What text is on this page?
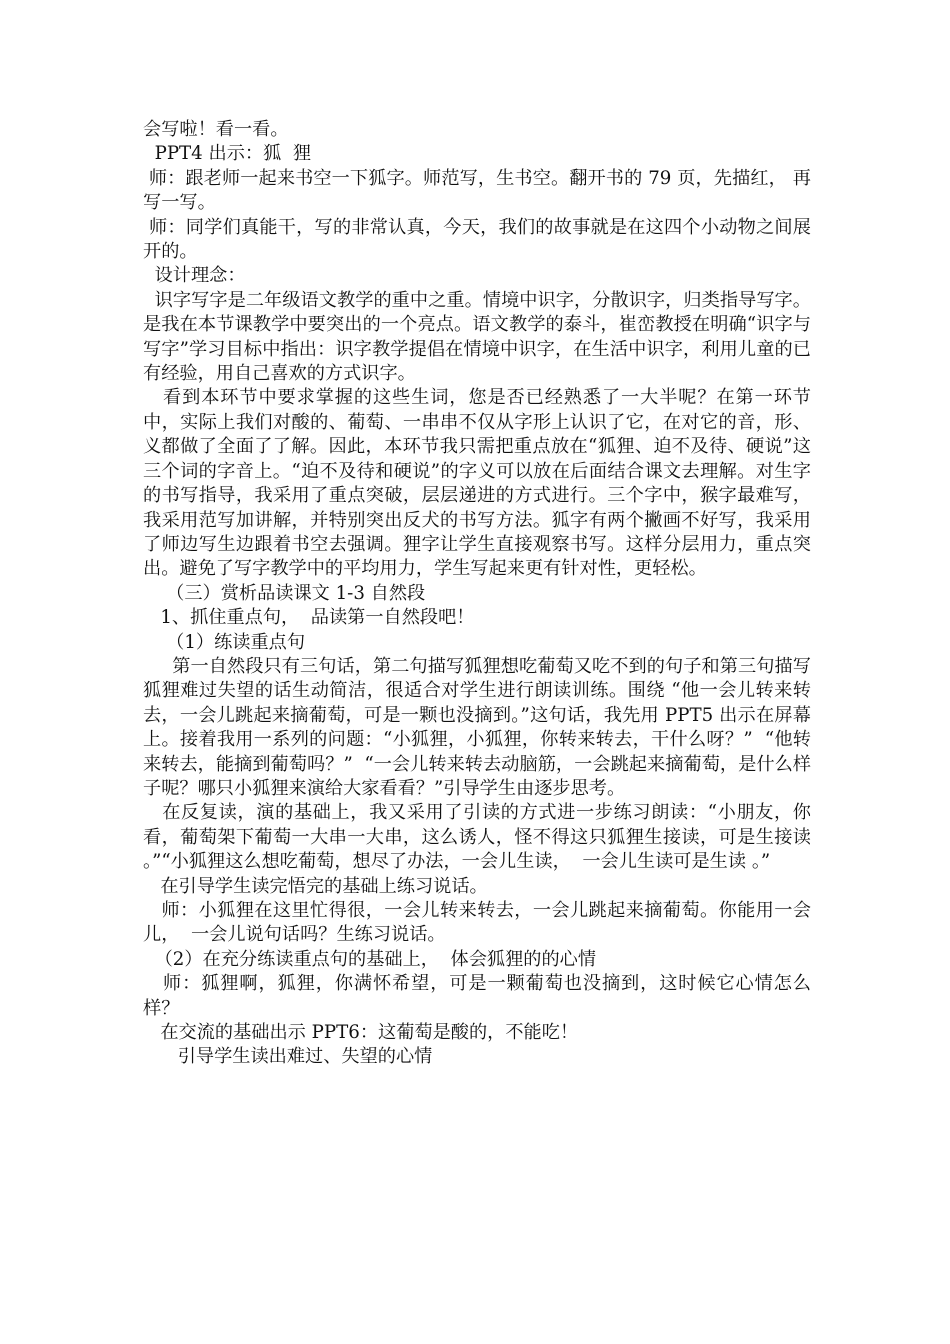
会写啦！看一看。

PPT4 出示：狐  狸

师：跟老师一起来书空一下狐字。师范写，生书空。翻开书的 79 页，先描红， 再写一写。

师：同学们真能干，写的非常认真，今天，我们的故事就是在这四个小动物之间展开的。

设计理念：

识字写字是二年级语文教学的重中之重。情境中识字，分散识字，归类指导写字。是我在本节课教学中要突出的一个亮点。语文教学的泰斗，崔峦教授在明确“识字与写字”学习目标中指出：识字教学提倡在情境中识字，在生活中识字，利用儿童的已有经验，用自己喜欢的方式识字。

看到本环节中要求掌握的这些生词，您是否已经熟悉了一大半呢？在第一环节中，实际上我们对酸的、葡萄、一串串不仅从字形上认识了它，在对它的音，形、义都做了全面了了解。因此，本环节我只需把重点放在“狐狸、迫不及待、硬说”这三个词的字音上。“迫不及待和硬说”的字义可以放在后面结合课文去理解。对生字的书写指导，我采用了重点突破，层层递进的方式进行。三个字中，猴字最难写，我采用范写加讲解，并特别突出反犬的书写方法。狐字有两个撇画不好写，我采用了师边写生边跟着书空去强调。狸字让学生直接观察书写。这样分层用力，重点突出。避免了写字教学中的平均用力，学生写起来更有针对性，更轻松。

（三）赏析品读课文 1-3 自然段

1、抓住重点句，  品读第一自然段吧！

（1）练读重点句

第一自然段只有三句话，第二句描写狐狸想吃葡萄又吃不到的句子和第三句描写狐狸难过失望的话生动简洁，很适合对学生进行朗读训练。围绕 “他一会儿转来转去，一会儿跳起来摘葡萄，可是一颗也没摘到。”这句话，我先用 PPT5 出示在屏幕上。接着我用一系列的问题：“小狐狸，小狐狸，你转来转去，干什么呀？”  “他转来转去，能摘到葡萄吗？”  “一会儿转来转去动脑筋，一会跳起来摘葡萄，是什么样子呢？哪只小狐狸来演给大家看看？”引导学生由逐步思考。

在反复读，演的基础上，我又采用了引读的方式进一步练习朗读：“小朋友，你看，葡萄架下葡萄一大串一大串，这么诱人，怪不得这只狐狸生接读，可是生接读 。”“小狐狸这么想吃葡萄，想尽了办法，一会儿生读，  一会儿生读可是生读 。”

在引导学生读完悟完的基础上练习说话。

师：小狐狸在这里忙得很，一会儿转来转去，一会儿跳起来摘葡萄。你能用一会儿，  一会儿说句话吗？生练习说话。

（2）在充分练读重点句的基础上，  体会狐狸的的心情

师：狐狸啊，狐狸，你满怀希望，可是一颗葡萄也没摘到，这时候它心情怎么样？

在交流的基础出示 PPT6：这葡萄是酸的，不能吃！

引导学生读出难过、失望的心情
